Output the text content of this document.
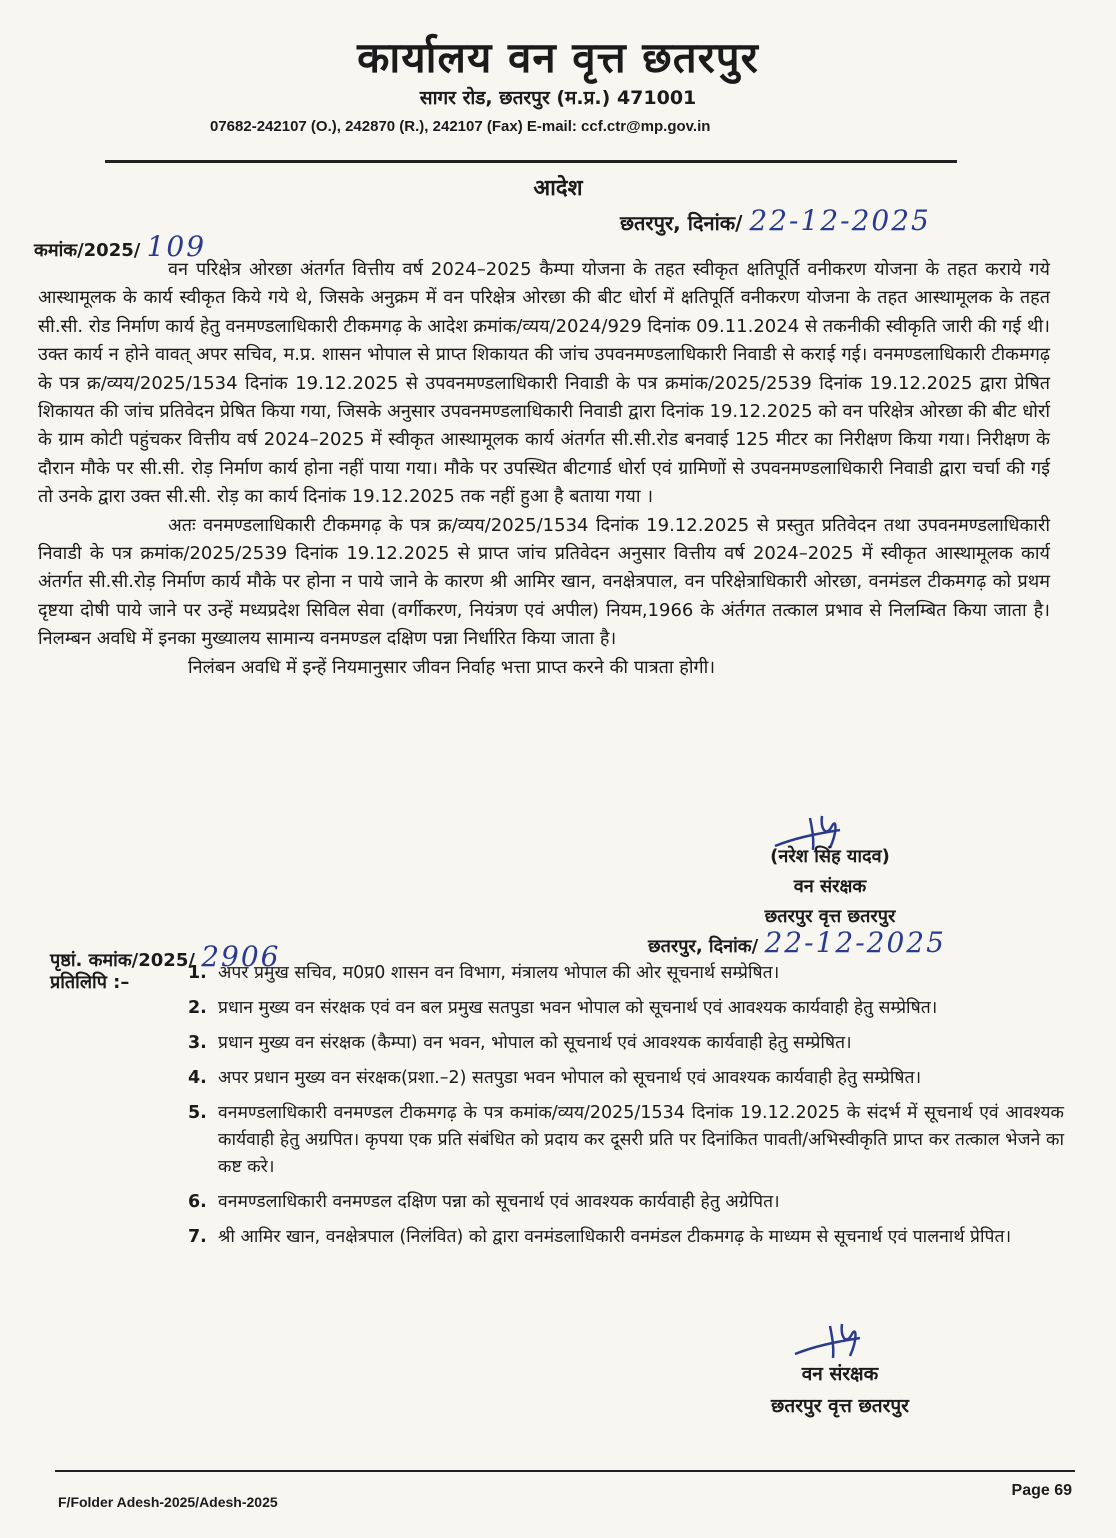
कार्यालय वन वृत्त छतरपुर
सागर रोड, छतरपुर (म.प्र.) 471001
07682-242107 (O.), 242870 (R.), 242107 (Fax) E-mail: ccf.ctr@mp.gov.in
आदेश
छतरपुर, दिनांक/ 22-12-2025
कमांक/2025/ 109

वन परिक्षेत्र ओरछा अंतर्गत वित्तीय वर्ष 2024–2025 कैम्पा योजना के तहत स्वीकृत क्षतिपूर्ति वनीकरण योजना के तहत कराये गये आस्थामूलक के कार्य स्वीकृत किये गये थे, जिसके अनुक्रम में वन परिक्षेत्र ओरछा की बीट धोर्रा में क्षतिपूर्ति वनीकरण योजना के तहत आस्थामूलक के तहत सी.सी. रोड निर्माण कार्य हेतु वनमण्डलाधिकारी टीकमगढ़ के आदेश क्रमांक/व्यय/2024/929 दिनांक 09.11.2024 से तकनीकी स्वीकृति जारी की गई थी। उक्त कार्य न होने वावत् अपर सचिव, म.प्र. शासन भोपाल से प्राप्त शिकायत की जांच उपवनमण्डलाधिकारी निवाडी से कराई गई। वनमण्डलाधिकारी टीकमगढ़ के पत्र क्र/व्यय/2025/1534 दिनांक 19.12.2025 से उपवनमण्डलाधिकारी निवाडी के पत्र क्रमांक/2025/2539 दिनांक 19.12.2025 द्वारा प्रेषित शिकायत की जांच प्रतिवेदन प्रेषित किया गया, जिसके अनुसार उपवनमण्डलाधिकारी निवाडी द्वारा दिनांक 19.12.2025 को वन परिक्षेत्र ओरछा की बीट धोर्रा के ग्राम कोटी पहुंचकर वित्तीय वर्ष 2024–2025 में स्वीकृत आस्थामूलक कार्य अंतर्गत सी.सी.रोड बनवाई 125 मीटर का निरीक्षण किया गया। निरीक्षण के दौरान मौके पर सी.सी. रोड़ निर्माण कार्य होना नहीं पाया गया। मौके पर उपस्थित बीटगार्ड धोर्रा एवं ग्रामिणों से उपवनमण्डलाधिकारी निवाडी द्वारा चर्चा की गई तो उनके द्वारा उक्त सी.सी. रोड़ का कार्य दिनांक 19.12.2025 तक नहीं हुआ है बताया गया ।

अतः वनमण्डलाधिकारी टीकमगढ़ के पत्र क्र/व्यय/2025/1534 दिनांक 19.12.2025 से प्रस्तुत प्रतिवेदन तथा उपवनमण्डलाधिकारी निवाडी के पत्र क्रमांक/2025/2539 दिनांक 19.12.2025 से प्राप्त जांच प्रतिवेदन अनुसार वित्तीय वर्ष 2024–2025 में स्वीकृत आस्थामूलक कार्य अंतर्गत सी.सी.रोड़ निर्माण कार्य मौके पर होना न पाये जाने के कारण श्री आमिर खान, वनक्षेत्रपाल, वन परिक्षेत्राधिकारी ओरछा, वनमंडल टीकमगढ़ को प्रथम दृष्टया दोषी पाये जाने पर उन्हें मध्यप्रदेश सिविल सेवा (वर्गीकरण, नियंत्रण एवं अपील) नियम,1966 के अंर्तगत तत्काल प्रभाव से निलम्बित किया जाता है। निलम्बन अवधि में इनका मुख्यालय सामान्य वनमण्डल दक्षिण पन्ना निर्धारित किया जाता है।

निलंबन अवधि में इन्हें नियमानुसार जीवन निर्वाह भत्ता प्राप्त करने की पात्रता होगी।

(नरेश सिंह यादव)
वन संरक्षक
छतरपुर वृत्त छतरपुर
छतरपुर, दिनांक/ 22-12-2025
पृष्ठां. कमांक/2025/ 2906
प्रतिलिपि :–	1. अपर प्रमुख सचिव, म0प्र0 शासन वन विभाग, मंत्रालय भोपाल की ओर सूचनार्थ सम्प्रेषित।
2. प्रधान मुख्य वन संरक्षक एवं वन बल प्रमुख सतपुडा भवन भोपाल को सूचनार्थ एवं आवश्यक कार्यवाही हेतु सम्प्रेषित।
3. प्रधान मुख्य वन संरक्षक (कैम्पा) वन भवन, भोपाल को सूचनार्थ एवं आवश्यक कार्यवाही हेतु सम्प्रेषित।
4. अपर प्रधान मुख्य वन संरक्षक(प्रशा.–2) सतपुडा भवन भोपाल को सूचनार्थ एवं आवश्यक कार्यवाही हेतु सम्प्रेषित।
5. वनमण्डलाधिकारी वनमण्डल टीकमगढ़ के पत्र कमांक/व्यय/2025/1534 दिनांक 19.12.2025 के संदर्भ में सूचनार्थ एवं आवश्यक कार्यवाही हेतु अग्रपित। कृपया एक प्रति संबंधित को प्रदाय कर दूसरी प्रति पर दिनांकित पावती/अभिस्वीकृति प्राप्त कर तत्काल भेजने का कष्ट करे।
6. वनमण्डलाधिकारी वनमण्डल दक्षिण पन्ना को सूचनार्थ एवं आवश्यक कार्यवाही हेतु अग्रेपित।
7. श्री आमिर खान, वनक्षेत्रपाल (निलंवित) को द्वारा वनमंडलाधिकारी वनमंडल टीकमगढ़ के माध्यम से सूचनार्थ एवं पालनार्थ प्रेपित।
वन संरक्षक
छतरपुर वृत्त छतरपुर
F/Folder Adesh-2025/Adesh-2025
Page 69
